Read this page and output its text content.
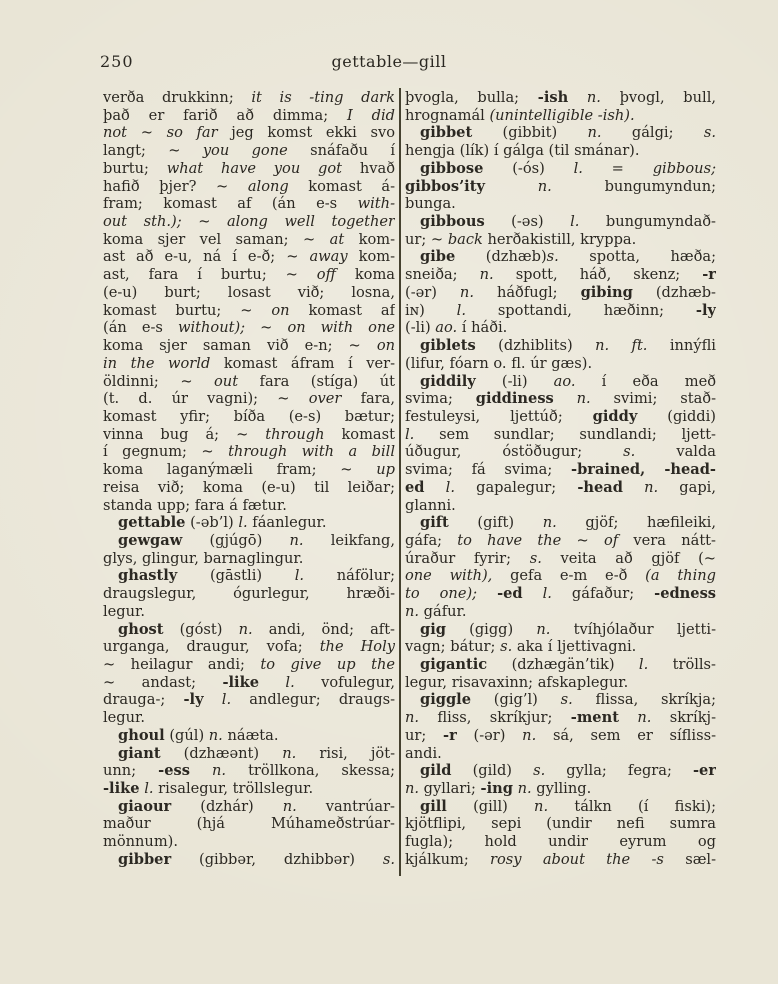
250	gettable—gill
verða drukkinn; it is -ting dark
það er farið að dimma; I did
not ~ so far jeg komst ekki svo
langt; ~ you gone snáfaðu í
burtu; what have you got hvað
hafið þjer? ~ along komast á-
fram; komast af (án e-s with-
out sth.); ~ along well together
koma sjer vel saman; ~ at kom-
ast að e-u, ná í e-ð; ~ away kom-
ast, fara í burtu; ~ off koma
(e-u) burt; losast við; losna,
komast burtu; ~ on komast af
(án e-s without); ~ on with one
koma sjer saman við e-n; ~ on
in the world komast áfram í ver-
öldinni; ~ out fara (stíga) út
(t. d. úr vagni); ~ over fara,
komast yfir; bíða (e-s) bætur;
vinna bug á; ~ through komast
í gegnum; ~ through with a bill
koma laganýmæli fram; ~ up
reisa við; koma (e-u) til leiðar;
standa upp; fara á fætur.
gettable (-əb’l) l. fáanlegur.
gewgaw (gjúgō) n. leikfang,
glys, glingur, barnaglingur.
ghastly (gāstli) l. náfölur;
draugslegur, ógurlegur, hræði-
legur.
ghost (góst) n. andi, önd; aft-
urganga, draugur, vofa; the Holy
~ heilagur andi; to give up the
~ andast; -like l. vofulegur,
drauga-; -ly l. andlegur; draugs-
legur.
ghoul (gúl) n. náæta.
giant (dzhæənt) n. risi, jöt-
unn; -ess n. tröllkona, skessa;
-like l. risalegur, tröllslegur.
giaour (dzhár) n. vantrúar-
maður (hjá Múhameðstrúar-
mönnum).
gibber (gibbər, dzhibbər) s.
þvogla, bulla; -ish n. þvogl, bull,
hrognamál (unintelligible -ish).
gibbet (gibbit) n. gálgi; s.
hengja (lík) í gálga (til smánar).
gibbose (-ós) l. = gibbous;
gibbos’ity	n. bungumyndun;
bunga.
gibbous (-əs) l. bungumyndað-
ur; ~ back herðakistill, kryppa.
gibe (dzhæb)s. spotta, hæða;
sneiða; n. spott, háð, skenz; -r
(-ər) n. háðfugl; gibing (dzhæb-
iɴ) l. spottandi, hæðinn; -ly
(-li) ao. í háði.
giblets (dzhiblits) n. ft. innýfli
(lifur, fóarn o. fl. úr gæs).
giddily (-li) ao. í eða með
svima; giddiness n. svimi; stað-
festuleysi, ljettúð; giddy (giddi)
l. sem sundlar; sundlandi; ljett-
úðugur, óstöðugur; s. valda
svima; fá svima; -brained, -head-
ed l. gapalegur; -head n. gapi,
glanni.
gift (gift) n. gjöf; hæfileiki,
gáfa; to have the ~ of vera nátt-
úraður fyrir; s. veita að gjöf (~
one with), gefa e-m e-ð (a thing
to one); -ed l. gáfaður; -edness
n. gáfur.
gig (gigg) n. tvíhjólaður ljetti-
vagn; bátur; s. aka í ljettivagni.
gigantic (dzhægän’tik) l. trölls-
legur, risavaxinn; afskaplegur.
giggle (gig’l) s. flissa, skríkja;
n. fliss, skríkjur; -ment n. skríkj-
ur; -r (-ər) n. sá, sem er sífliss-
andi.
gild (gild) s. gylla; fegra; -er
n. gyllari; -ing n. gylling.
gill (gill) n. tálkn (í fiski);
kjötflipi, sepi (undir nefi sumra
fugla); hold undir eyrum og
kjálkum; rosy about the -s sæl-
